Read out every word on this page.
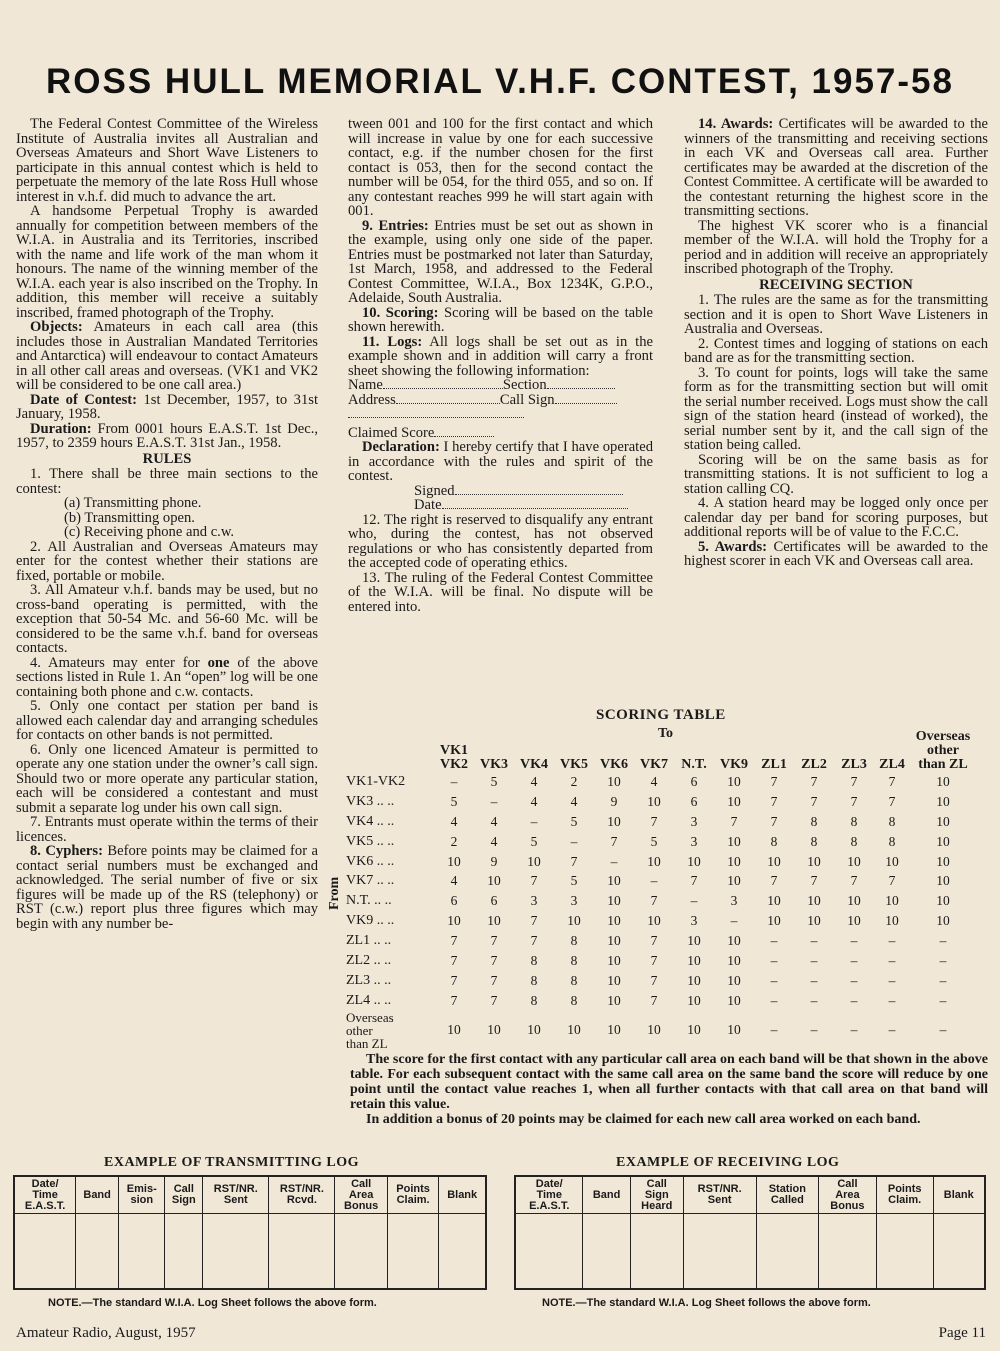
ROSS HULL MEMORIAL V.H.F. CONTEST, 1957-58

The Federal Contest Committee of the Wireless Institute of Australia invites all Australian and Overseas Amateurs and Short Wave Listeners to participate in this annual contest which is held to perpetuate the memory of the late Ross Hull whose interest in v.h.f. did much to advance the art.

A handsome Perpetual Trophy is awarded annually for competition between members of the W.I.A. in Australia and its Territories, inscribed with the name and life work of the man whom it honours. The name of the winning member of the W.I.A. each year is also inscribed on the Trophy. In addition, this member will receive a suitably inscribed, framed photograph of the Trophy.

Objects: Amateurs in each call area (this includes those in Australian Mandated Territories and Antarctica) will endeavour to contact Amateurs in all other call areas and overseas. (VK1 and VK2 will be considered to be one call area.)

Date of Contest: 1st December, 1957, to 31st January, 1958.

Duration: From 0001 hours E.A.S.T. 1st Dec., 1957, to 2359 hours E.A.S.T. 31st Jan., 1958.

RULES

1. There shall be three main sections to the contest:

(a) Transmitting phone.

(b) Transmitting open.

(c) Receiving phone and c.w.

2. All Australian and Overseas Amateurs may enter for the contest whether their stations are fixed, portable or mobile.

3. All Amateur v.h.f. bands may be used, but no cross-band operating is permitted, with the exception that 50-54 Mc. and 56-60 Mc. will be considered to be the same v.h.f. band for overseas contacts.

4. Amateurs may enter for one of the above sections listed in Rule 1. An “open” log will be one containing both phone and c.w. contacts.

5. Only one contact per station per band is allowed each calendar day and arranging schedules for contacts on other bands is not permitted.

6. Only one licenced Amateur is permitted to operate any one station under the owner’s call sign. Should two or more operate any particular station, each will be considered a contestant and must submit a separate log under his own call sign.

7. Entrants must operate within the terms of their licences.

8. Cyphers: Before points may be claimed for a contact serial numbers must be exchanged and acknowledged. The serial number of five or six figures will be made up of the RS (telephony) or RST (c.w.) report plus three figures which may begin with any number be-

tween 001 and 100 for the first contact and which will increase in value by one for each successive contact, e.g. if the number chosen for the first contact is 053, then for the second contact the number will be 054, for the third 055, and so on. If any contestant reaches 999 he will start again with 001.

9. Entries: Entries must be set out as shown in the example, using only one side of the paper. Entries must be postmarked not later than Saturday, 1st March, 1958, and addressed to the Federal Contest Committee, W.I.A., Box 1234K, G.P.O., Adelaide, South Australia.

10. Scoring: Scoring will be based on the table shown herewith.

11. Logs: All logs shall be set out as in the example shown and in addition will carry a front sheet showing the following information:

Name	Section

Address	Call Sign

Claimed Score

Declaration: I hereby certify that I have operated in accordance with the rules and spirit of the contest.

Signed

Date

12. The right is reserved to disqualify any entrant who, during the contest, has not observed regulations or who has consistently departed from the accepted code of operating ethics.

13. The ruling of the Federal Contest Committee of the W.I.A. will be final. No dispute will be entered into.

14. Awards: Certificates will be awarded to the winners of the transmitting and receiving sections in each VK and Overseas call area. Further certificates may be awarded at the discretion of the Contest Committee. A certificate will be awarded to the contestant returning the highest score in the transmitting sections.

The highest VK scorer who is a financial member of the W.I.A. will hold the Trophy for a period and in addition will receive an appropriately inscribed photograph of the Trophy.

RECEIVING SECTION

1. The rules are the same as for the transmitting section and it is open to Short Wave Listeners in Australia and Overseas.

2. Contest times and logging of stations on each band are as for the transmitting section.

3. To count for points, logs will take the same form as for the transmitting section but will omit the serial number received. Logs must show the call sign of the station heard (instead of worked), the serial number sent by it, and the call sign of the station being called.

Scoring will be on the same basis as for transmitting stations. It is not sufficient to log a station calling CQ.

4. A station heard may be logged only once per calendar day per band for scoring purposes, but additional reports will be of value to the F.C.C.

5. Awards: Certificates will be awarded to the highest scorer in each VK and Overseas call area.

SCORING TABLE
To
From
	VK1
VK2	VK3	VK4	VK5	VK6	VK7	N.T.	VK9	ZL1	ZL2	ZL3	ZL4	Overseas
other
than ZL
VK1-VK2	–	5	4	2	10	4	6	10	7	7	7	7	10
VK3 .. ..	5	–	4	4	9	10	6	10	7	7	7	7	10
VK4 .. ..	4	4	–	5	10	7	3	7	7	8	8	8	10
VK5 .. ..	2	4	5	–	7	5	3	10	8	8	8	8	10
VK6 .. ..	10	9	10	7	–	10	10	10	10	10	10	10	10
VK7 .. ..	4	10	7	5	10	–	7	10	7	7	7	7	10
N.T. .. ..	6	6	3	3	10	7	–	3	10	10	10	10	10
VK9 .. ..	10	10	7	10	10	10	3	–	10	10	10	10	10
ZL1 .. ..	7	7	7	8	10	7	10	10	–	–	–	–	–
ZL2 .. ..	7	7	8	8	10	7	10	10	–	–	–	–	–
ZL3 .. ..	7	7	8	8	10	7	10	10	–	–	–	–	–
ZL4 .. ..	7	7	8	8	10	7	10	10	–	–	–	–	–
Overseas
other
than ZL	10	10	10	10	10	10	10	10	–	–	–	–	–

The score for the first contact with any particular call area on each band will be that shown in the above table. For each subsequent contact with the same call area on the same band the score will reduce by one point until the contact value reaches 1, when all further contacts with that call area on that band will retain this value.

In addition a bonus of 20 points may be claimed for each new call area worked on each band.

EXAMPLE OF TRANSMITTING LOG
Date/
Time
E.A.S.T.	Band	Emis-
sion	Call
Sign	RST/NR.
Sent	RST/NR.
Rcvd.	Call
Area
Bonus	Points
Claim.	Blank

NOTE.—The standard W.I.A. Log Sheet follows the above form.
EXAMPLE OF RECEIVING LOG
Date/
Time
E.A.S.T.	Band	Call
Sign
Heard	RST/NR.
Sent	Station
Called	Call
Area
Bonus	Points
Claim.	Blank

NOTE.—The standard W.I.A. Log Sheet follows the above form.
Amateur Radio, August, 1957	Page 11
